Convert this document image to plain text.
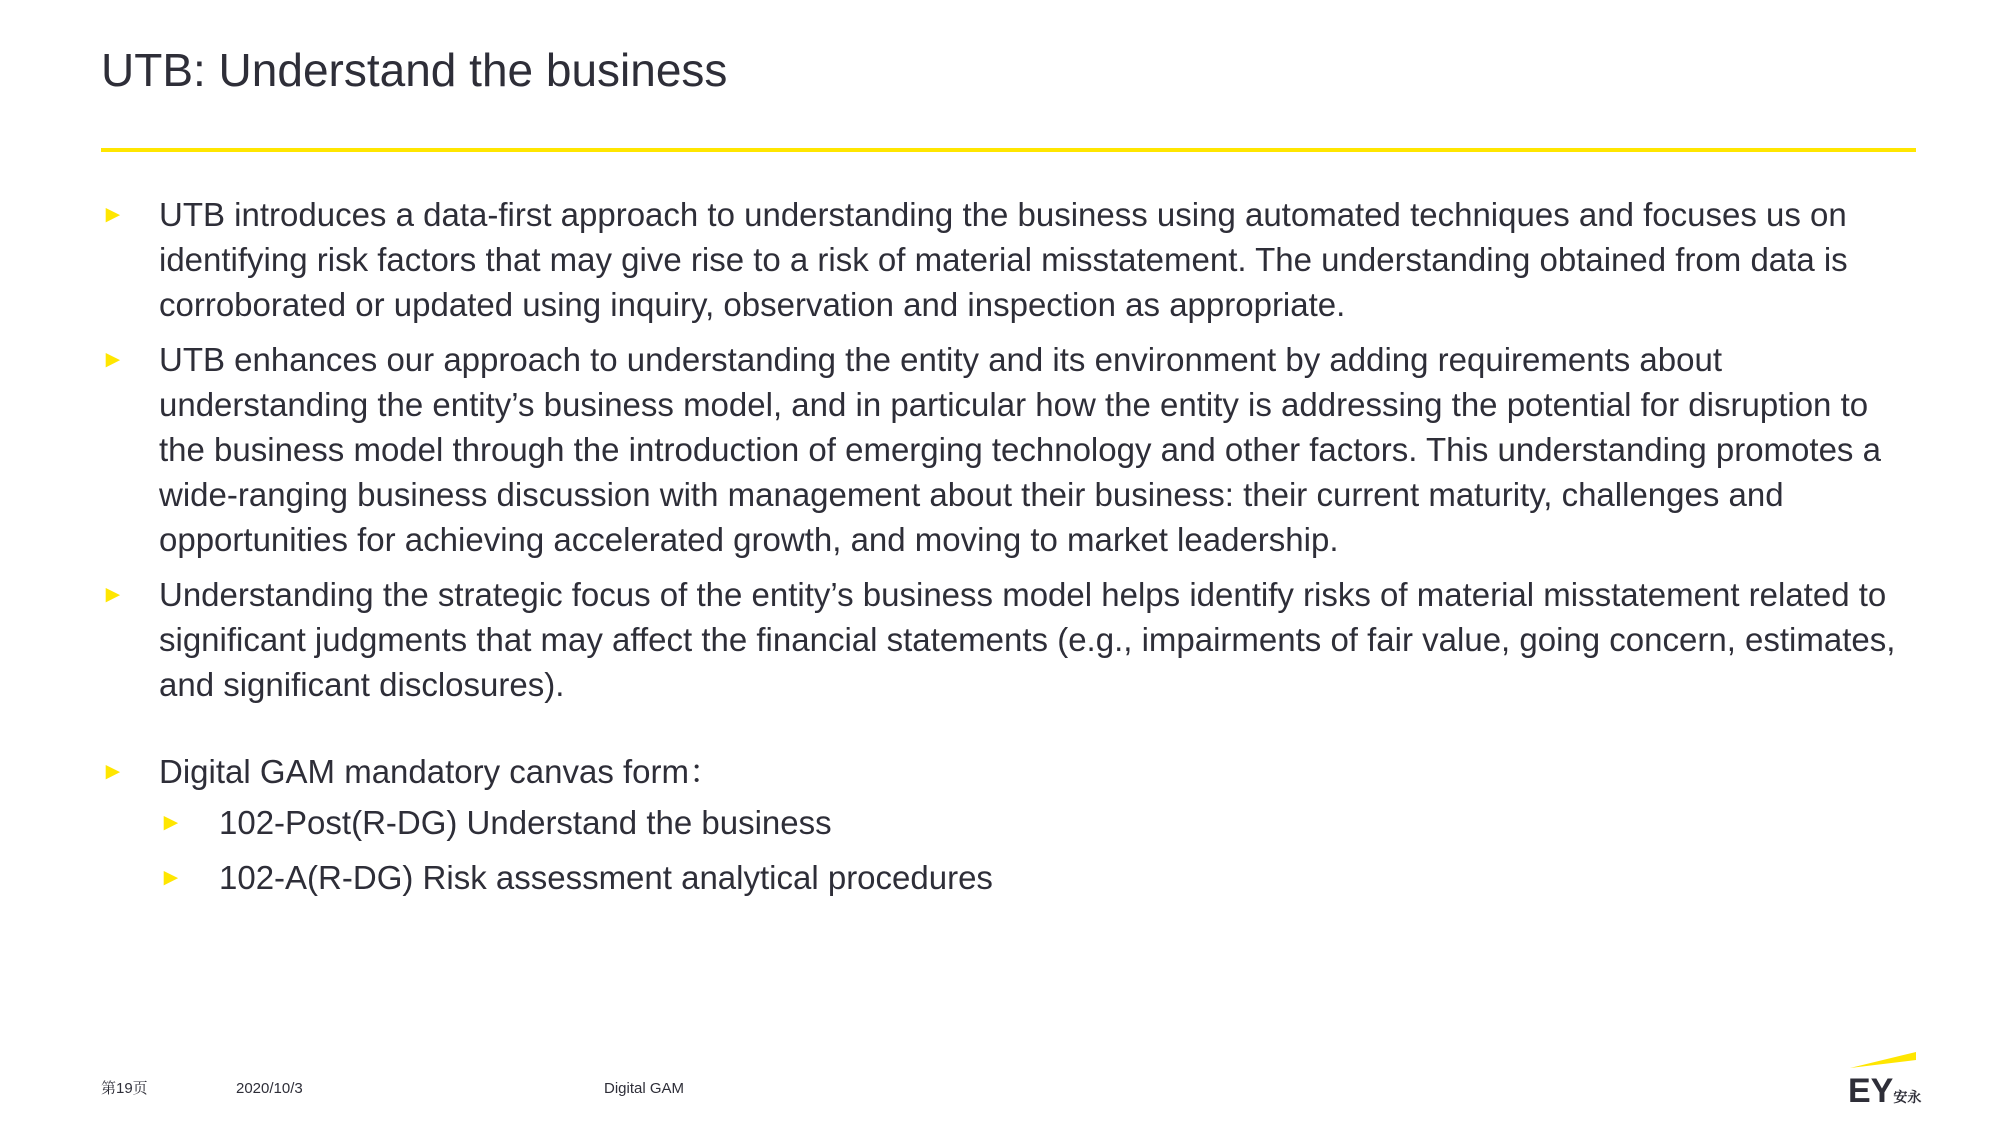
UTB: Understand the business
► UTB introduces a data-first approach to understanding the business using automated techniques and focuses us on identifying risk factors that may give rise to a risk of material misstatement. The understanding obtained from data is corroborated or updated using inquiry, observation and inspection as appropriate.
► UTB enhances our approach to understanding the entity and its environment by adding requirements about understanding the entity’s business model, and in particular how the entity is addressing the potential for disruption to the business model through the introduction of emerging technology and other factors. This understanding promotes a wide-ranging business discussion with management about their business: their current maturity, challenges and opportunities for achieving accelerated growth, and moving to market leadership.
► Understanding the strategic focus of the entity’s business model helps identify risks of material misstatement related to significant judgments that may affect the financial statements (e.g., impairments of fair value, going concern, estimates, and significant disclosures).
► Digital GAM mandatory canvas form：
► 102-Post(R-DG) Understand the business
► 102-A(R-DG) Risk assessment analytical procedures
第19页	2020/10/3	Digital GAM	EY安永
